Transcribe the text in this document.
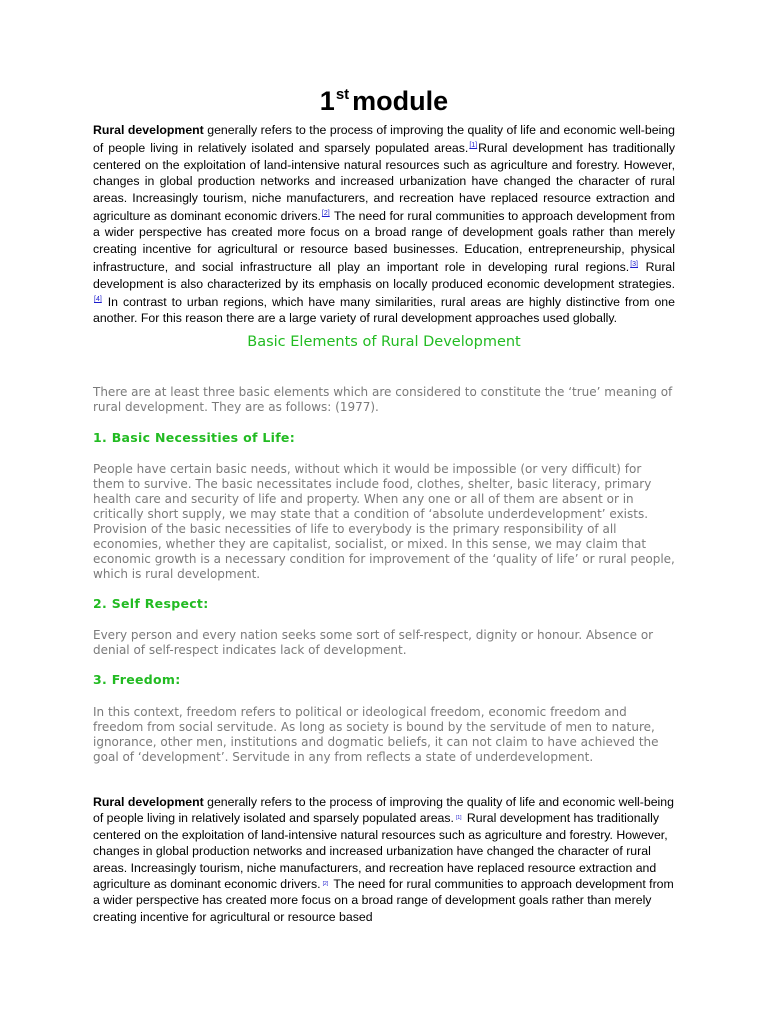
1st module
Rural development generally refers to the process of improving the quality of life and economic well-being of people living in relatively isolated and sparsely populated areas.[1]Rural development has traditionally centered on the exploitation of land-intensive natural resources such as agriculture and forestry. However, changes in global production networks and increased urbanization have changed the character of rural areas. Increasingly tourism, niche manufacturers, and recreation have replaced resource extraction and agriculture as dominant economic drivers.[2] The need for rural communities to approach development from a wider perspective has created more focus on a broad range of development goals rather than merely creating incentive for agricultural or resource based businesses. Education, entrepreneurship, physical infrastructure, and social infrastructure all play an important role in developing rural regions.[3] Rural development is also characterized by its emphasis on locally produced economic development strategies.[4] In contrast to urban regions, which have many similarities, rural areas are highly distinctive from one another. For this reason there are a large variety of rural development approaches used globally.
Basic Elements of Rural Development
There are at least three basic elements which are considered to constitute the ‘true’ meaning of rural development. They are as follows: (1977).
1. Basic Necessities of Life:
People have certain basic needs, without which it would be impossible (or very difficult) for them to survive. The basic necessitates include food, clothes, shelter, basic literacy, primary health care and security of life and property. When any one or all of them are absent or in critically short supply, we may state that a condition of ‘absolute underdevelopment’ exists. Provision of the basic necessities of life to everybody is the primary responsibility of all economies, whether they are capitalist, socialist, or mixed. In this sense, we may claim that economic growth is a necessary condition for improvement of the ‘quality of life’ or rural people, which is rural development.
2. Self Respect:
Every person and every nation seeks some sort of self-respect, dignity or honour. Absence or denial of self-respect indicates lack of development.
3. Freedom:
In this context, freedom refers to political or ideological freedom, economic freedom and freedom from social servitude. As long as society is bound by the servitude of men to nature, ignorance, other men, institutions and dogmatic beliefs, it can not claim to have achieved the goal of ‘development’. Servitude in any from reflects a state of underdevelopment.
Rural development generally refers to the process of improving the quality of life and economic well-being of people living in relatively isolated and sparsely populated areas. [1] Rural development has traditionally centered on the exploitation of land-intensive natural resources such as agriculture and forestry. However, changes in global production networks and increased urbanization have changed the character of rural areas. Increasingly tourism, niche manufacturers, and recreation have replaced resource extraction and agriculture as dominant economic drivers. [2] The need for rural communities to approach development from a wider perspective has created more focus on a broad range of development goals rather than merely creating incentive for agricultural or resource based
